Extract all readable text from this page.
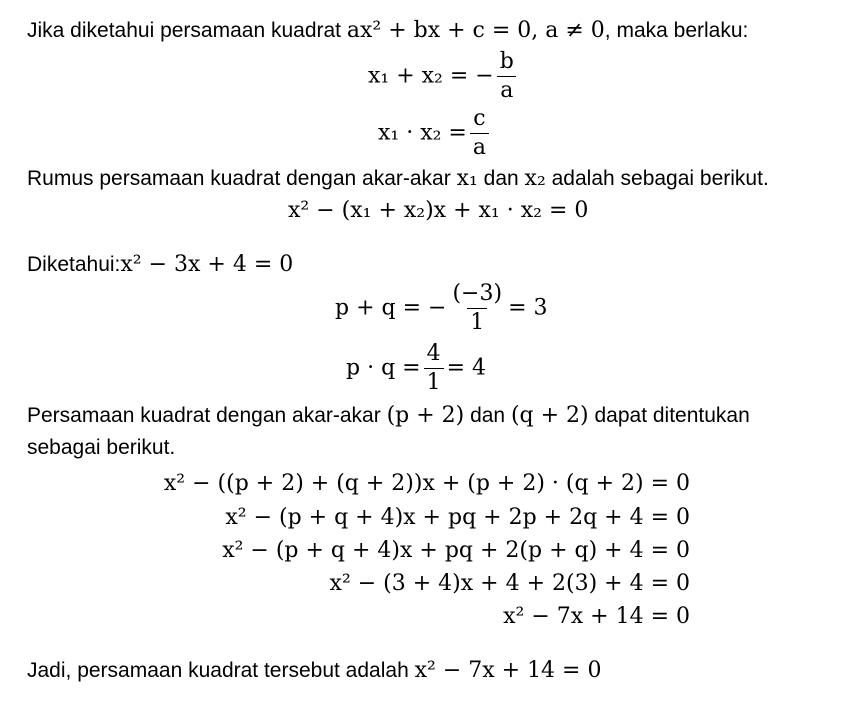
Jika diketahui persamaan kuadrat ax² + bx + c = 0, a ≠ 0, maka berlaku:
x₁ + x₂ = − $\frac{b}{a}$
$x_1 \cdot x_2 = \frac{c}{a}$
Rumus persamaan kuadrat dengan akar-akar x₁ dan x₂ adalah sebagai berikut.
x² − (x₁ + x₂)x + x₁ · x₂ = 0
Diketahui:x² − 3x + 4 = 0
p + q = − $\frac{(-3)}{1} = 3$
$p \cdot q = \frac{4}{1} = 4$
Persamaan kuadrat dengan akar-akar (p + 2) dan (q + 2) dapat ditentukan
sebagai berikut.
x² − ((p + 2) + (q + 2))x + (p + 2) · (q + 2) = 0
x² − (p + q + 4)x + pq + 2p + 2q + 4 = 0
x² − (p + q + 4)x + pq + 2(p + q) + 4 = 0
x² − (3 + 4)x + 4 + 2(3) + 4 = 0
x² − 7x + 14 = 0
Jadi, persamaan kuadrat tersebut adalah x² − 7x + 14 = 0
